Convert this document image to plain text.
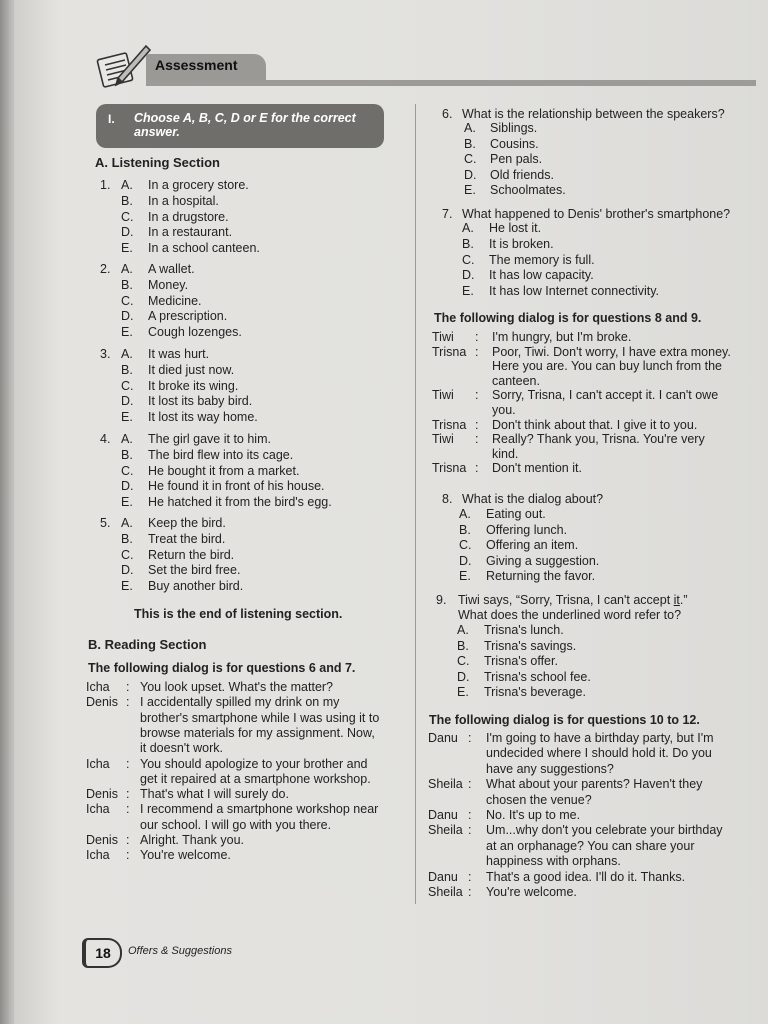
Assessment
I. Choose A, B, C, D or E for the correct answer.
A. Listening Section
1. A. In a grocery store.
B. In a hospital.
C. In a drugstore.
D. In a restaurant.
E. In a school canteen.
2. A. A wallet.
B. Money.
C. Medicine.
D. A prescription.
E. Cough lozenges.
3. A. It was hurt.
B. It died just now.
C. It broke its wing.
D. It lost its baby bird.
E. It lost its way home.
4. A. The girl gave it to him.
B. The bird flew into its cage.
C. He bought it from a market.
D. He found it in front of his house.
E. He hatched it from the bird's egg.
5. A. Keep the bird.
B. Treat the bird.
C. Return the bird.
D. Set the bird free.
E. Buy another bird.
This is the end of listening section.
B. Reading Section
The following dialog is for questions 6 and 7.
Icha : You look upset. What's the matter?
Denis : I accidentally spilled my drink on my
brother's smartphone while I was using it to
browse materials for my assignment. Now,
it doesn't work.
Icha : You should apologize to your brother and
get it repaired at a smartphone workshop.
Denis : That's what I will surely do.
Icha : I recommend a smartphone workshop near
our school. I will go with you there.
Denis : Alright. Thank you.
Icha : You're welcome.
6. What is the relationship between the speakers?
A. Siblings.
B. Cousins.
C. Pen pals.
D. Old friends.
E. Schoolmates.
7. What happened to Denis' brother's smartphone?
A. He lost it.
B. It is broken.
C. The memory is full.
D. It has low capacity.
E. It has low Internet connectivity.
The following dialog is for questions 8 and 9.
Tiwi : I'm hungry, but I'm broke.
Trisna : Poor, Tiwi. Don't worry, I have extra money.
Here you are. You can buy lunch from the
canteen.
Tiwi : Sorry, Trisna, I can't accept it. I can't owe
you.
Trisna : Don't think about that. I give it to you.
Tiwi : Really? Thank you, Trisna. You're very
kind.
Trisna : Don't mention it.
8. What is the dialog about?
A. Eating out.
B. Offering lunch.
C. Offering an item.
D. Giving a suggestion.
E. Returning the favor.
9. Tiwi says, “Sorry, Trisna, I can't accept it.”
What does the underlined word refer to?
A. Trisna's lunch.
B. Trisna's savings.
C. Trisna's offer.
D. Trisna's school fee.
E. Trisna's beverage.
The following dialog is for questions 10 to 12.
Danu : I'm going to have a birthday party, but I'm
undecided where I should hold it. Do you
have any suggestions?
Sheila : What about your parents? Haven't they
chosen the venue?
Danu : No. It's up to me.
Sheila : Um...why don't you celebrate your birthday
at an orphanage? You can share your
happiness with orphans.
Danu : That's a good idea. I'll do it. Thanks.
Sheila : You're welcome.
18	Offers & Suggestions
